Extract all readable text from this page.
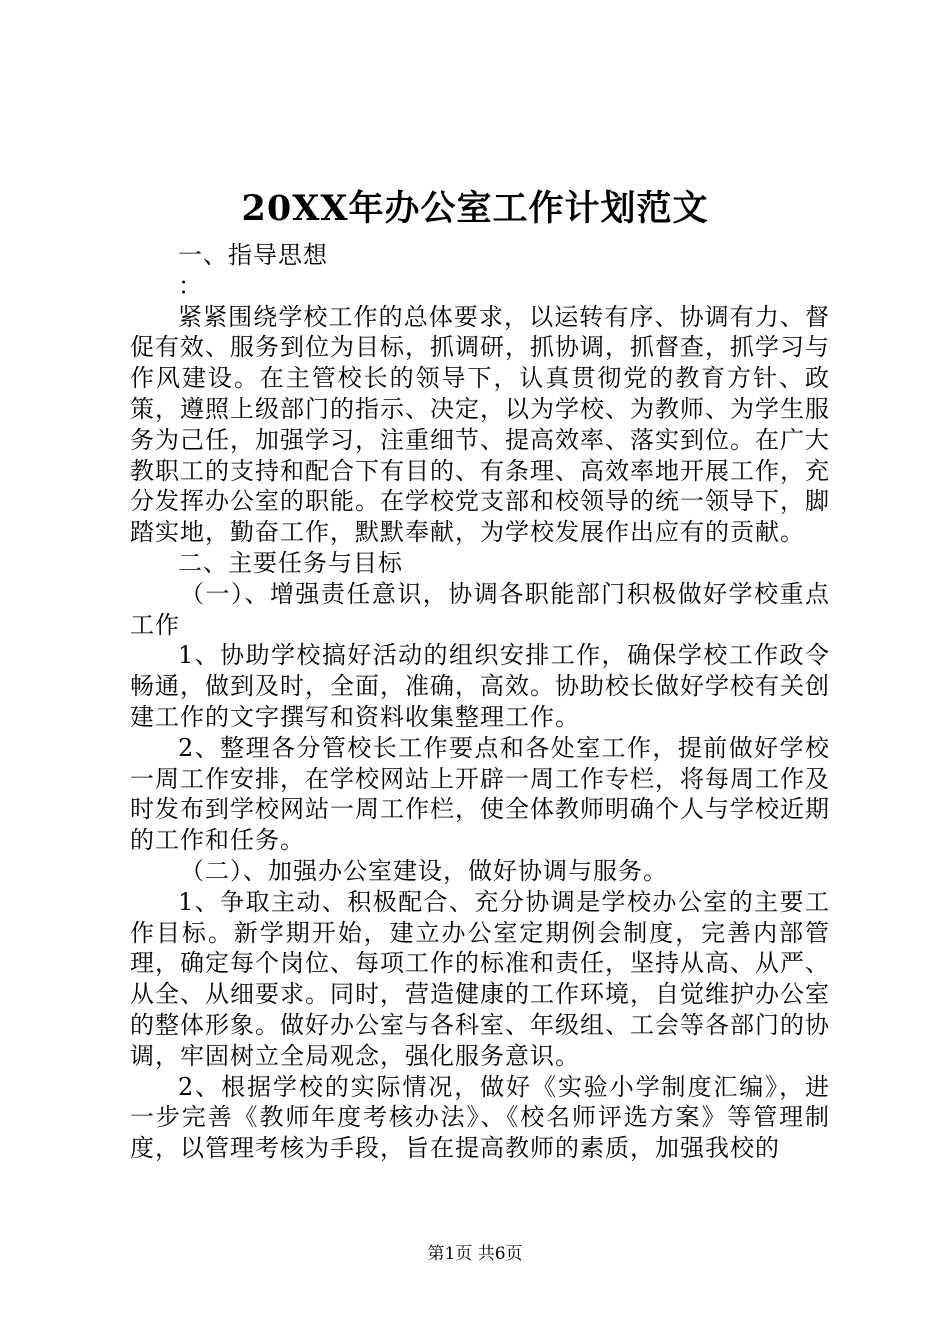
20XX年办公室工作计划范文

一、指导思想

：

紧紧围绕学校工作的总体要求，以运转有序、协调有力、督促有效、服务到位为目标，抓调研，抓协调，抓督查，抓学习与作风建设。在主管校长的领导下，认真贯彻党的教育方针、政策，遵照上级部门的指示、决定，以为学校、为教师、为学生服务为己任，加强学习，注重细节、提高效率、落实到位。在广大教职工的支持和配合下有目的、有条理、高效率地开展工作，充分发挥办公室的职能。在学校党支部和校领导的统一领导下，脚踏实地，勤奋工作，默默奉献，为学校发展作出应有的贡献。

二、主要任务与目标

（一）、增强责任意识，协调各职能部门积极做好学校重点工作

1、协助学校搞好活动的组织安排工作，确保学校工作政令畅通，做到及时，全面，准确，高效。协助校长做好学校有关创建工作的文字撰写和资料收集整理工作。

2、整理各分管校长工作要点和各处室工作，提前做好学校一周工作安排，在学校网站上开辟一周工作专栏，将每周工作及时发布到学校网站一周工作栏，使全体教师明确个人与学校近期的工作和任务。

（二）、加强办公室建设，做好协调与服务。

1、争取主动、积极配合、充分协调是学校办公室的主要工作目标。新学期开始，建立办公室定期例会制度，完善内部管理，确定每个岗位、每项工作的标准和责任，坚持从高、从严、从全、从细要求。同时，营造健康的工作环境，自觉维护办公室的整体形象。做好办公室与各科室、年级组、工会等各部门的协调，牢固树立全局观念，强化服务意识。

2、根据学校的实际情况，做好《实验小学制度汇编》，进一步完善《教师年度考核办法》、《校名师评选方案》等管理制度，以管理考核为手段，旨在提高教师的素质，加强我校的

第1页 共6页
